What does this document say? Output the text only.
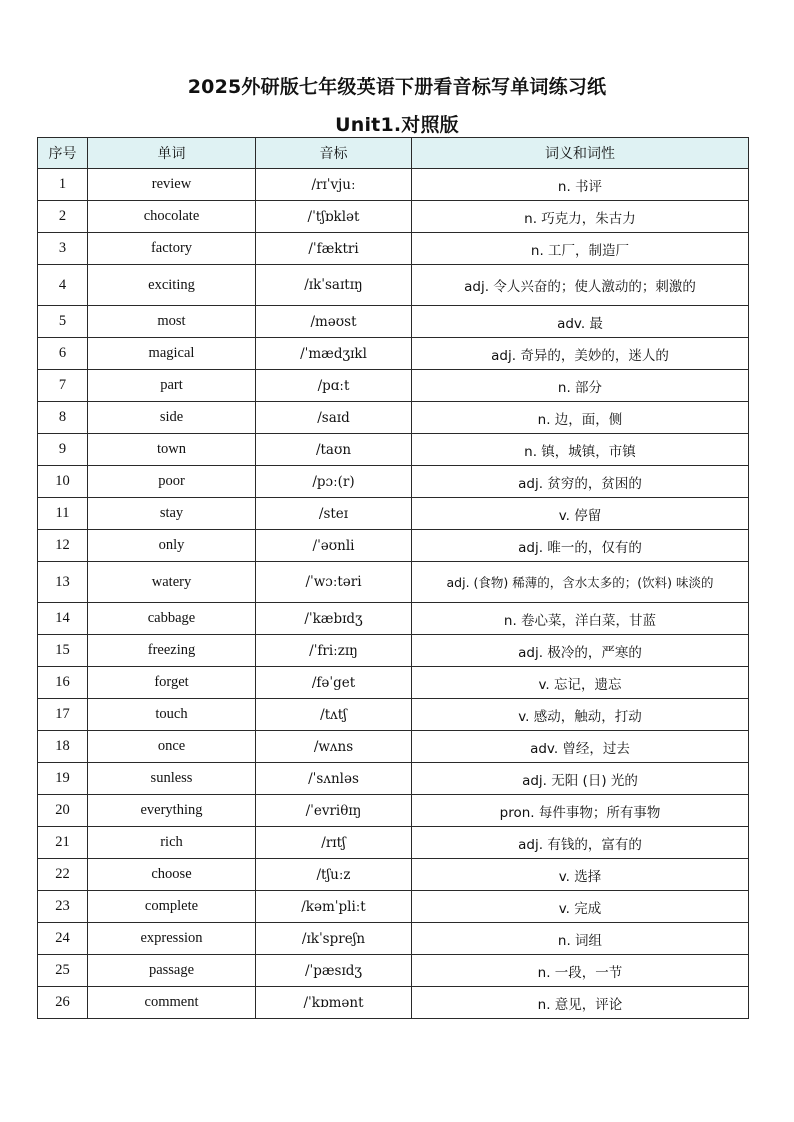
2025外研版七年级英语下册看音标写单词练习纸
Unit1.对照版
序号	单词	音标	词义和词性
1	review	/rɪˈvjuː	n. 书评
2	chocolate	/ˈtʃɒklət	n. 巧克力，朱古力
3	factory	/ˈfæktri	n. 工厂，制造厂
4	exciting	/ɪkˈsaɪtɪŋ	adj. 令人兴奋的；使人激动的；刺激的
5	most	/məʊst	adv. 最
6	magical	/ˈmædʒɪkl	adj. 奇异的，美妙的，迷人的
7	part	/pɑːt	n. 部分
8	side	/saɪd	n. 边，面，侧
9	town	/taʊn	n. 镇，城镇，市镇
10	poor	/pɔː(r)	adj. 贫穷的，贫困的
11	stay	/steɪ	v. 停留
12	only	/ˈəʊnli	adj. 唯一的，仅有的
13	watery	/ˈwɔːtəri	adj. (食物) 稀薄的，含水太多的；(饮料) 味淡的
14	cabbage	/ˈkæbɪdʒ	n. 卷心菜，洋白菜，甘蓝
15	freezing	/ˈfriːzɪŋ	adj. 极冷的，严寒的
16	forget	/fəˈget	v. 忘记，遗忘
17	touch	/tʌtʃ	v. 感动，触动，打动
18	once	/wʌns	adv. 曾经，过去
19	sunless	/ˈsʌnləs	adj. 无阳 (日) 光的
20	everything	/ˈevriθɪŋ	pron. 每件事物；所有事物
21	rich	/rɪtʃ	adj. 有钱的，富有的
22	choose	/tʃuːz	v. 选择
23	complete	/kəmˈpliːt	v. 完成
24	expression	/ɪkˈspreʃn	n. 词组
25	passage	/ˈpæsɪdʒ	n. 一段，一节
26	comment	/ˈkɒmənt	n. 意见，评论
